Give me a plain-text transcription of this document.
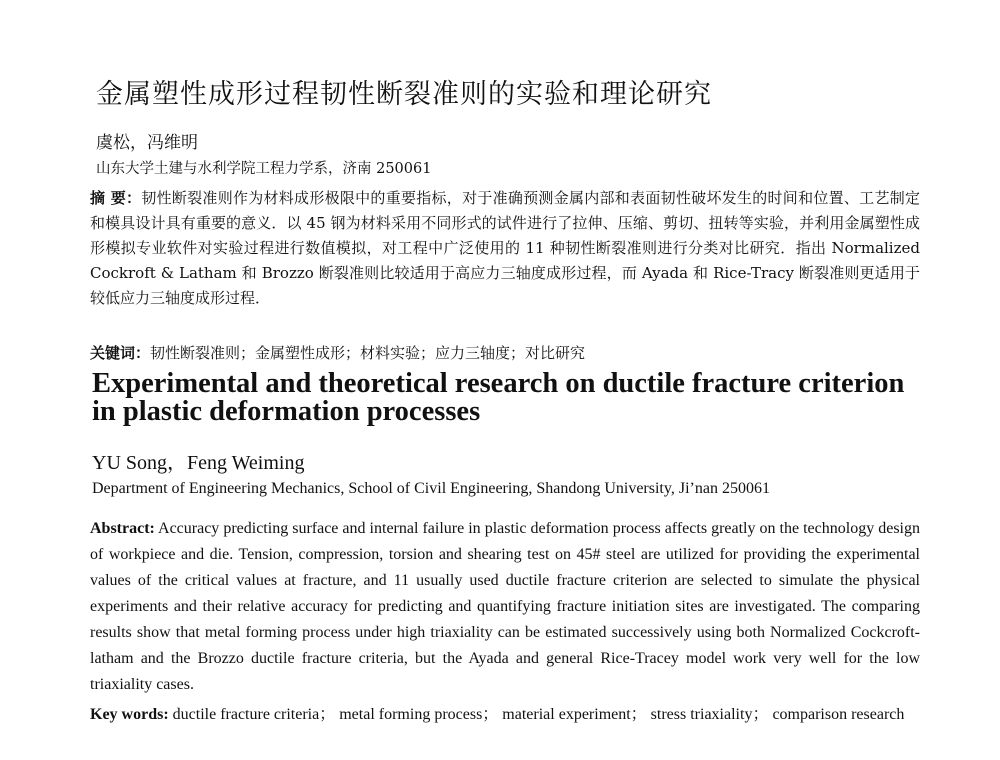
金属塑性成形过程韧性断裂准则的实验和理论研究
虞松，冯维明
山东大学土建与水利学院工程力学系，济南 250061
摘 要：韧性断裂准则作为材料成形极限中的重要指标，对于准确预测金属内部和表面韧性破坏发生的时间和位置、工艺制定和模具设计具有重要的意义．以 45 钢为材料采用不同形式的试件进行了拉伸、压缩、剪切、扭转等实验，并利用金属塑性成形模拟专业软件对实验过程进行数值模拟，对工程中广泛使用的 11 种韧性断裂准则进行分类对比研究．指出 Normalized Cockroft & Latham 和 Brozzo 断裂准则比较适用于高应力三轴度成形过程，而 Ayada 和 Rice-Tracy 断裂准则更适用于较低应力三轴度成形过程．
关键词：韧性断裂准则；金属塑性成形；材料实验；应力三轴度；对比研究
Experimental and theoretical research on ductile fracture criterion in plastic deformation processes
YU Song，Feng Weiming
Department of Engineering Mechanics, School of Civil Engineering, Shandong University, Ji’nan 250061
Abstract: Accuracy predicting surface and internal failure in plastic deformation process affects greatly on the technology design of workpiece and die. Tension, compression, torsion and shearing test on 45# steel are utilized for providing the experimental values of the critical values at fracture, and 11 usually used ductile fracture criterion are selected to simulate the physical experiments and their relative accuracy for predicting and quantifying fracture initiation sites are investigated. The comparing results show that metal forming process under high triaxiality can be estimated successively using both Normalized Cockcroft-latham and the Brozzo ductile fracture criteria, but the Ayada and general Rice-Tracey model work very well for the low triaxiality cases.
Key words: ductile fracture criteria； metal forming process； material experiment； stress triaxiality； comparison research
